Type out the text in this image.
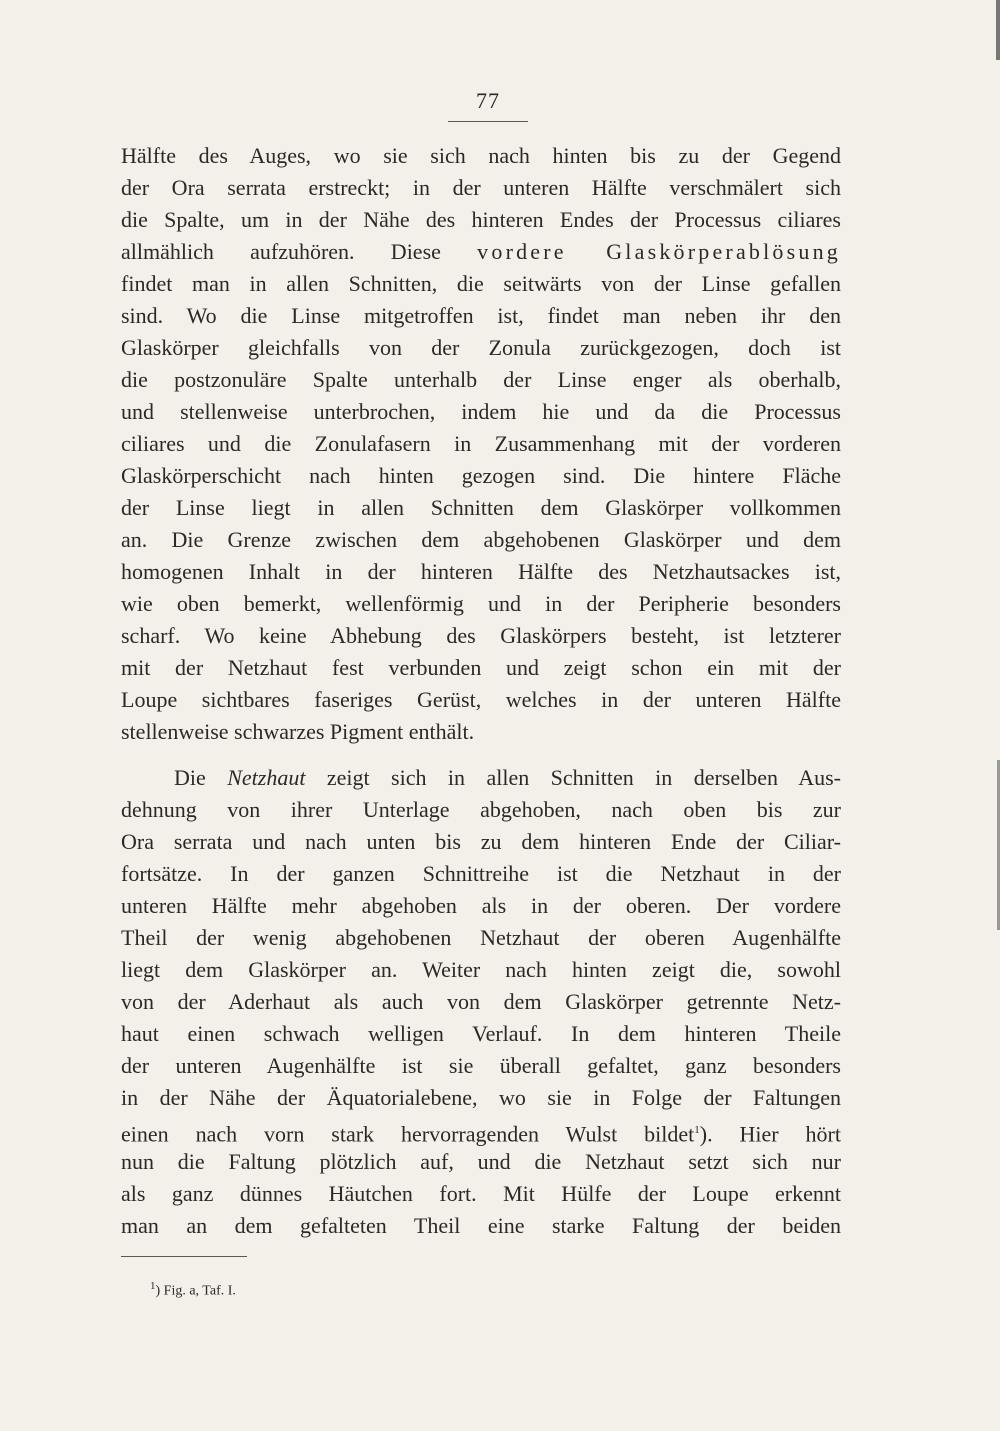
77
Hälfte des Auges, wo sie sich nach hinten bis zu der Gegend
der Ora serrata erstreckt; in der unteren Hälfte verschmälert sich
die Spalte, um in der Nähe des hinteren Endes der Processus ciliares
allmählich aufzuhören. Diese vordere Glaskörperablösung
findet man in allen Schnitten, die seitwärts von der Linse gefallen
sind. Wo die Linse mitgetroffen ist, findet man neben ihr den
Glaskörper gleichfalls von der Zonula zurückgezogen, doch ist
die postzonuläre Spalte unterhalb der Linse enger als oberhalb,
und stellenweise unterbrochen, indem hie und da die Processus
ciliares und die Zonulafasern in Zusammenhang mit der vorderen
Glaskörperschicht nach hinten gezogen sind. Die hintere Fläche
der Linse liegt in allen Schnitten dem Glaskörper vollkommen
an. Die Grenze zwischen dem abgehobenen Glaskörper und dem
homogenen Inhalt in der hinteren Hälfte des Netzhautsackes ist,
wie oben bemerkt, wellenförmig und in der Peripherie besonders
scharf. Wo keine Abhebung des Glaskörpers besteht, ist letzterer
mit der Netzhaut fest verbunden und zeigt schon ein mit der
Loupe sichtbares faseriges Gerüst, welches in der unteren Hälfte
stellenweise schwarzes Pigment enthält.
Die Netzhaut zeigt sich in allen Schnitten in derselben Aus-
dehnung von ihrer Unterlage abgehoben, nach oben bis zur
Ora serrata und nach unten bis zu dem hinteren Ende der Ciliar-
fortsätze. In der ganzen Schnittreihe ist die Netzhaut in der
unteren Hälfte mehr abgehoben als in der oberen. Der vordere
Theil der wenig abgehobenen Netzhaut der oberen Augenhälfte
liegt dem Glaskörper an. Weiter nach hinten zeigt die, sowohl
von der Aderhaut als auch von dem Glaskörper getrennte Netz-
haut einen schwach welligen Verlauf. In dem hinteren Theile
der unteren Augenhälfte ist sie überall gefaltet, ganz besonders
in der Nähe der Äquatorialebene, wo sie in Folge der Faltungen
einen nach vorn stark hervorragenden Wulst bildet$^1$). Hier hört
nun die Faltung plötzlich auf, und die Netzhaut setzt sich nur
als ganz dünnes Häutchen fort. Mit Hülfe der Loupe erkennt
man an dem gefalteten Theil eine starke Faltung der beiden
$^1$) Fig. a, Taf. I.
